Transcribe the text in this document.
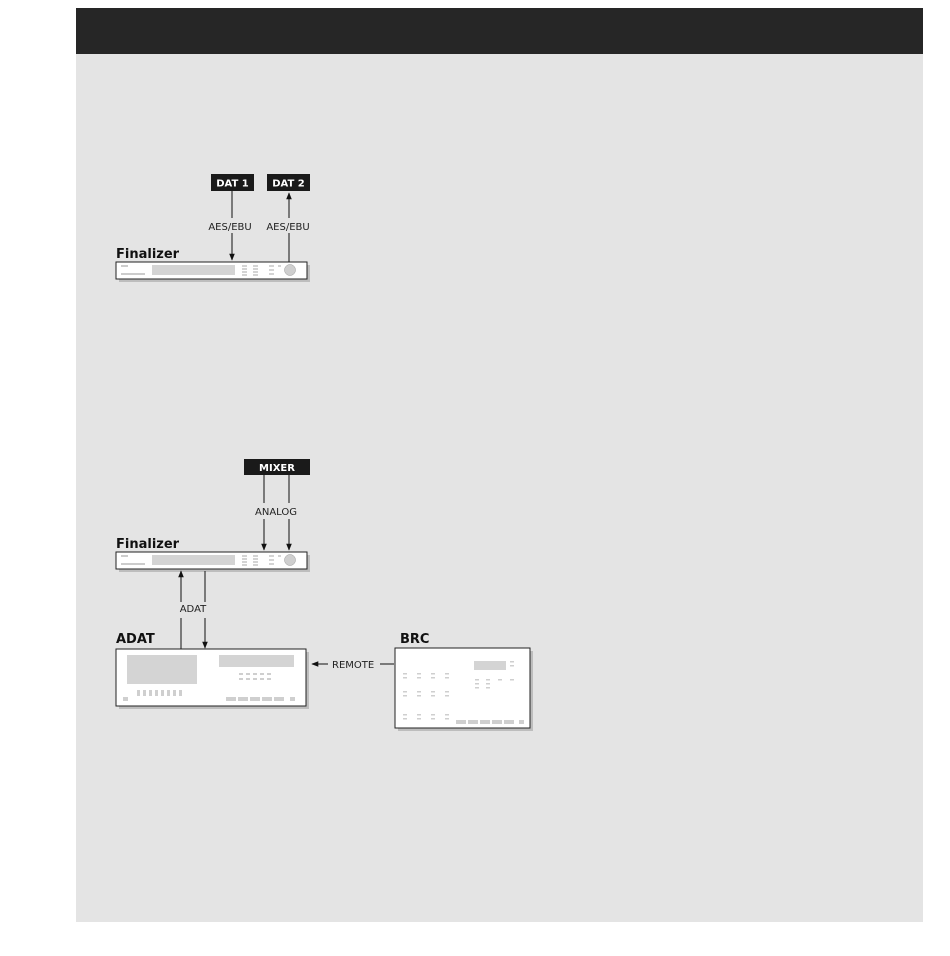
DAT 1 DAT 2
AES/EBU AES/EBU
Finalizer
MIXER
ANALOG
Finalizer
ADAT
ADAT
REMOTE
BRC
